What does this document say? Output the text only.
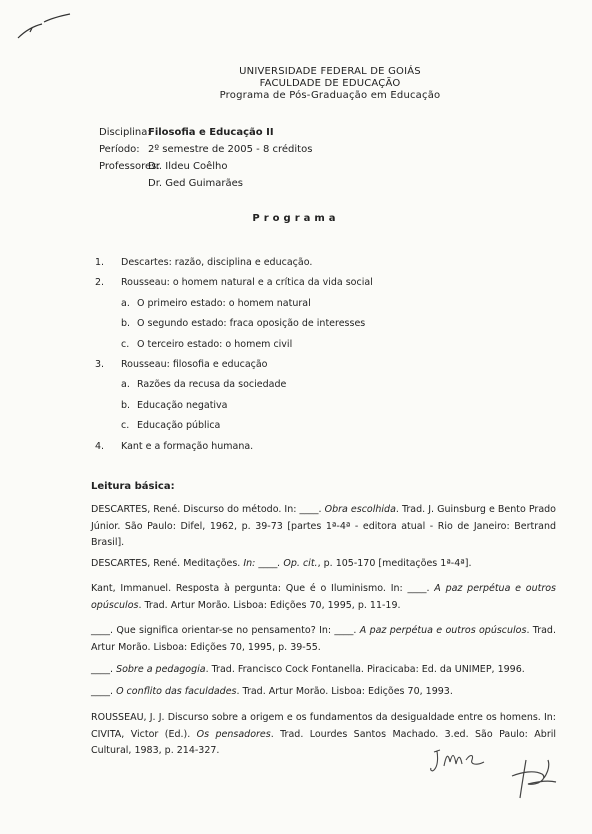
UNIVERSIDADE FEDERAL DE GOIÁS
FACULDADE DE EDUCAÇÃO
Programa de Pós-Graduação em Educação
Disciplina:
Filosofia e Educação II
Período: 2º semestre de 2005 - 8 créditos
Professores:
Dr. Ildeu Coêlho
Dr. Ged Guimarães
Programa
1.	Descartes: razão, disciplina e educação.
2.	Rousseau: o homem natural e a crítica da vida social
a. O primeiro estado: o homem natural
b. O segundo estado: fraca oposição de interesses
c. O terceiro estado: o homem civil
3.	Rousseau: filosofia e educação
a. Razões da recusa da sociedade
b. Educação negativa
c. Educação pública
4.	Kant e a formação humana.
Leitura básica:
DESCARTES, René. Discurso do método. In: ____. Obra escolhida. Trad. J. Guinsburg e Bento Prado Júnior. São Paulo: Difel, 1962, p. 39-73 [partes 1ª-4ª - editora atual - Rio de Janeiro: Bertrand Brasil].
DESCARTES, René. Meditações. In: ____. Op. cit., p. 105-170 [meditações 1ª-4ª].
Kant, Immanuel. Resposta à pergunta: Que é o Iluminismo. In: ____. A paz perpétua e outros opúsculos. Trad. Artur Morão. Lisboa: Edições 70, 1995, p. 11-19.
____. Que significa orientar-se no pensamento? In: ____. A paz perpétua e outros opúsculos. Trad. Artur Morão. Lisboa: Edições 70, 1995, p. 39-55.
____. Sobre a pedagogia. Trad. Francisco Cock Fontanella. Piracicaba: Ed. da UNIMEP, 1996.
____. O conflito das faculdades. Trad. Artur Morão. Lisboa: Edições 70, 1993.
ROUSSEAU, J. J. Discurso sobre a origem e os fundamentos da desigualdade entre os homens. In: CIVITA, Victor (Ed.). Os pensadores. Trad. Lourdes Santos Machado. 3.ed. São Paulo: Abril Cultural, 1983, p. 214-327.
